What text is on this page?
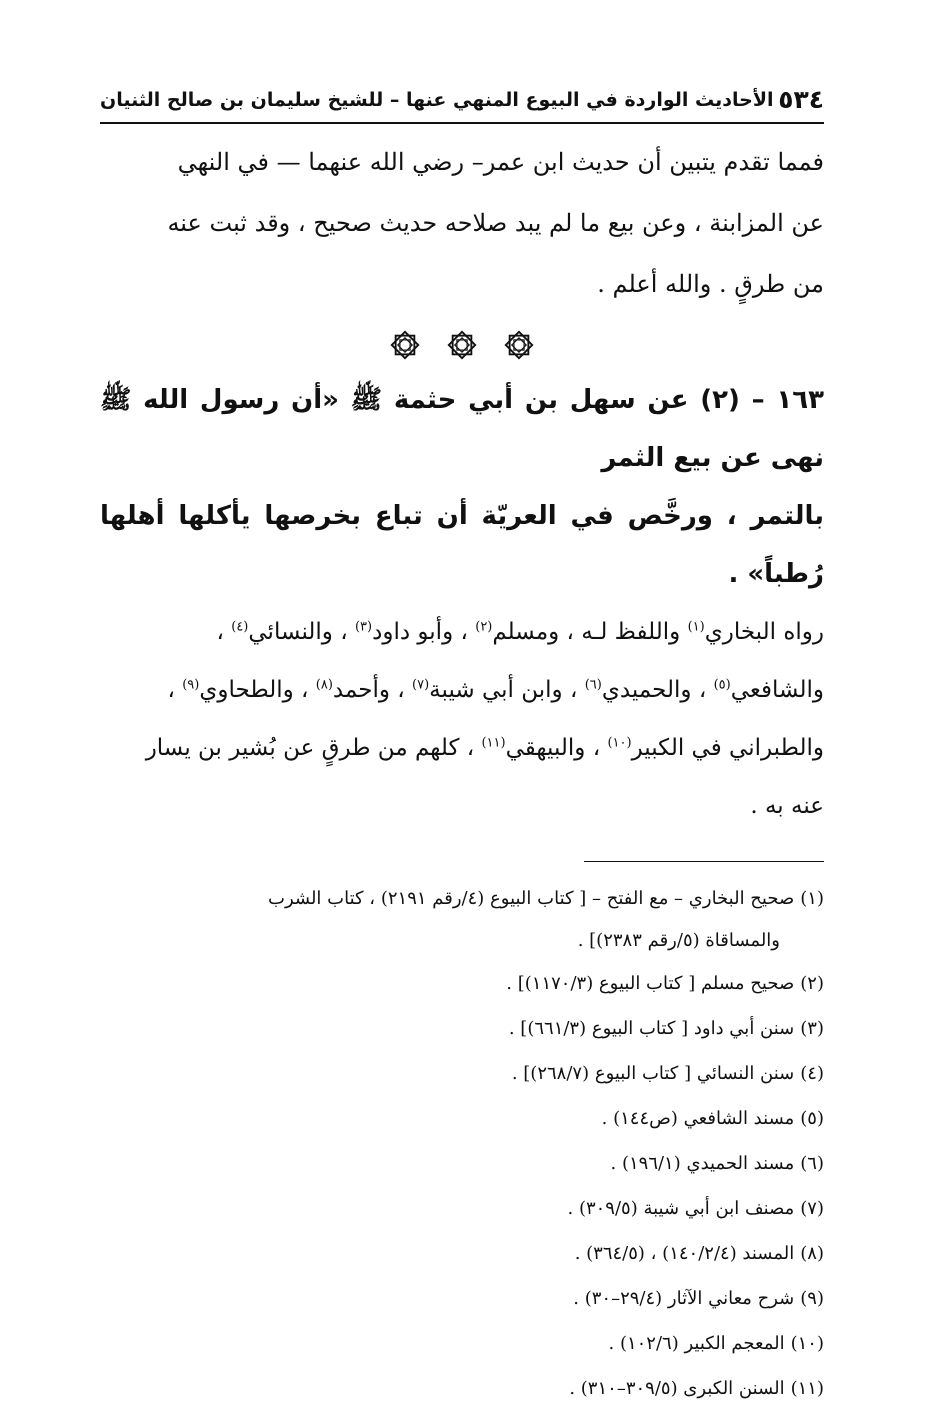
٥٣٤
الأحاديث الواردة في البيوع المنهي عنها – للشيخ سليمان بن صالح الثنيان
فمما تقدم يتبين أن حديث ابن عمر– رضي الله عنهما — في النهي
عن المزابنة ، وعن بيع ما لم يبد صلاحه حديث صحيح ، وقد ثبت عنه
من طرقٍ . والله أعلم .

١٦٣ – (٢) عن سهل بن أبي حثمة ﷺ «أن رسول الله ﷺ نهى عن بيع الثمر
بالتمر ، ورخَّص في العريّة أن تباع بخرصها يأكلها أهلها رُطباً» .
رواه البخاري$^{(١)}$ واللفظ لـه ، ومسلم$^{(٢)}$ ، وأبو داود$^{(٣)}$ ، والنسائي$^{(٤)}$ ،
والشافعي$^{(٥)}$ ، والحميدي$^{(٦)}$ ، وابن أبي شيبة$^{(٧)}$ ، وأحمد$^{(٨)}$ ، والطحاوي$^{(٩)}$ ،
والطبراني في الكبير$^{(١٠)}$ ، والبيهقي$^{(١١)}$ ، كلهم من طرقٍ عن بُشير بن يسار
عنه به .
(١)صحيح البخاري – مع الفتح – [ كتاب البيوع (٤/رقم ٢١٩١) ، كتاب الشرب
والمساقاة (٥/رقم ٢٣٨٣)] .
(٢)صحيح مسلم [ كتاب البيوع (١١٧٠/٣)] .
(٣)سنن أبي داود [ كتاب البيوع (٦٦١/٣)] .
(٤)سنن النسائي [ كتاب البيوع (٢٦٨/٧)] .
(٥)مسند الشافعي (ص١٤٤) .
(٦)مسند الحميدي (١٩٦/١) .
(٧)مصنف ابن أبي شيبة (٣٠٩/٥) .
(٨)المسند (١٤٠/٢/٤) ، (٣٦٤/٥) .
(٩)شرح معاني الآثار (٢٩/٤–٣٠) .
(١٠)المعجم الكبير (١٠٢/٦) .
(١١)السنن الكبرى (٣٠٩/٥–٣١٠) .
